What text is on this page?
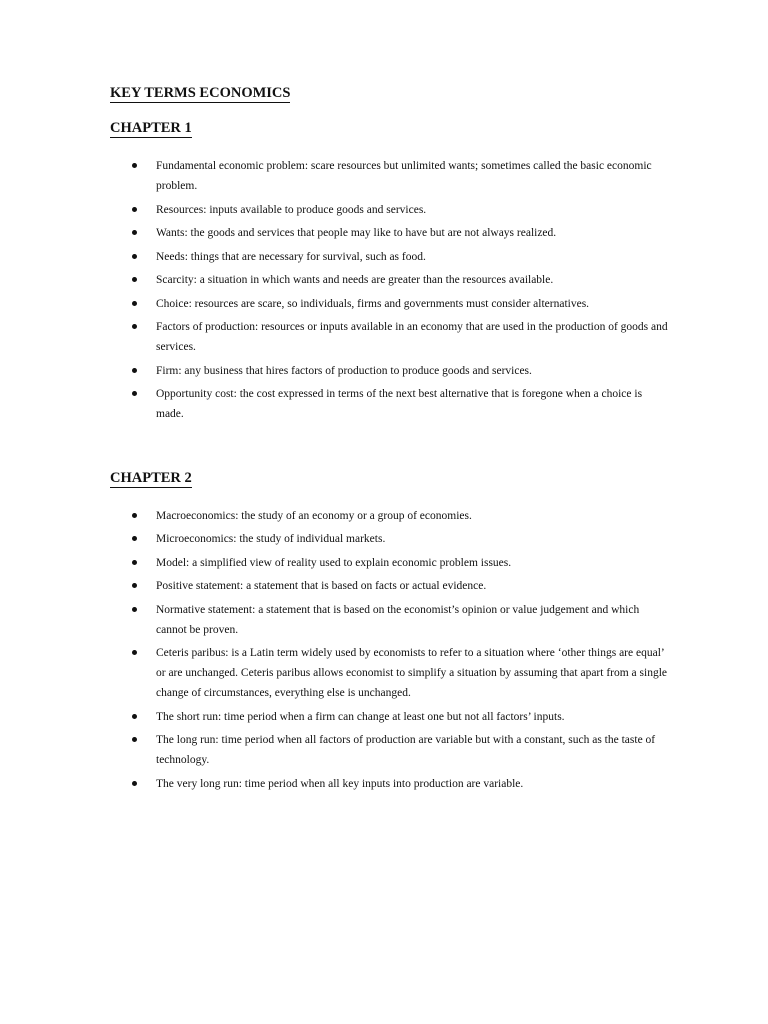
KEY TERMS ECONOMICS
CHAPTER 1
Fundamental economic problem: scare resources but unlimited wants; sometimes called the basic economic problem.
Resources: inputs available to produce goods and services.
Wants: the goods and services that people may like to have but are not always realized.
Needs: things that are necessary for survival, such as food.
Scarcity: a situation in which wants and needs are greater than the resources available.
Choice: resources are scare, so individuals, firms and governments must consider alternatives.
Factors of production: resources or inputs available in an economy that are used in the production of goods and services.
Firm: any business that hires factors of production to produce goods and services.
Opportunity cost: the cost expressed in terms of the next best alternative that is foregone when a choice is made.
CHAPTER 2
Macroeconomics: the study of an economy or a group of economies.
Microeconomics: the study of individual markets.
Model: a simplified view of reality used to explain economic problem issues.
Positive statement: a statement that is based on facts or actual evidence.
Normative statement: a statement that is based on the economist’s opinion or value judgement and which cannot be proven.
Ceteris paribus: is a Latin term widely used by economists to refer to a situation where ‘other things are equal’ or are unchanged. Ceteris paribus allows economist to simplify a situation by assuming that apart from a single change of circumstances, everything else is unchanged.
The short run: time period when a firm can change at least one but not all factors’ inputs.
The long run: time period when all factors of production are variable but with a constant, such as the taste of technology.
The very long run: time period when all key inputs into production are variable.
